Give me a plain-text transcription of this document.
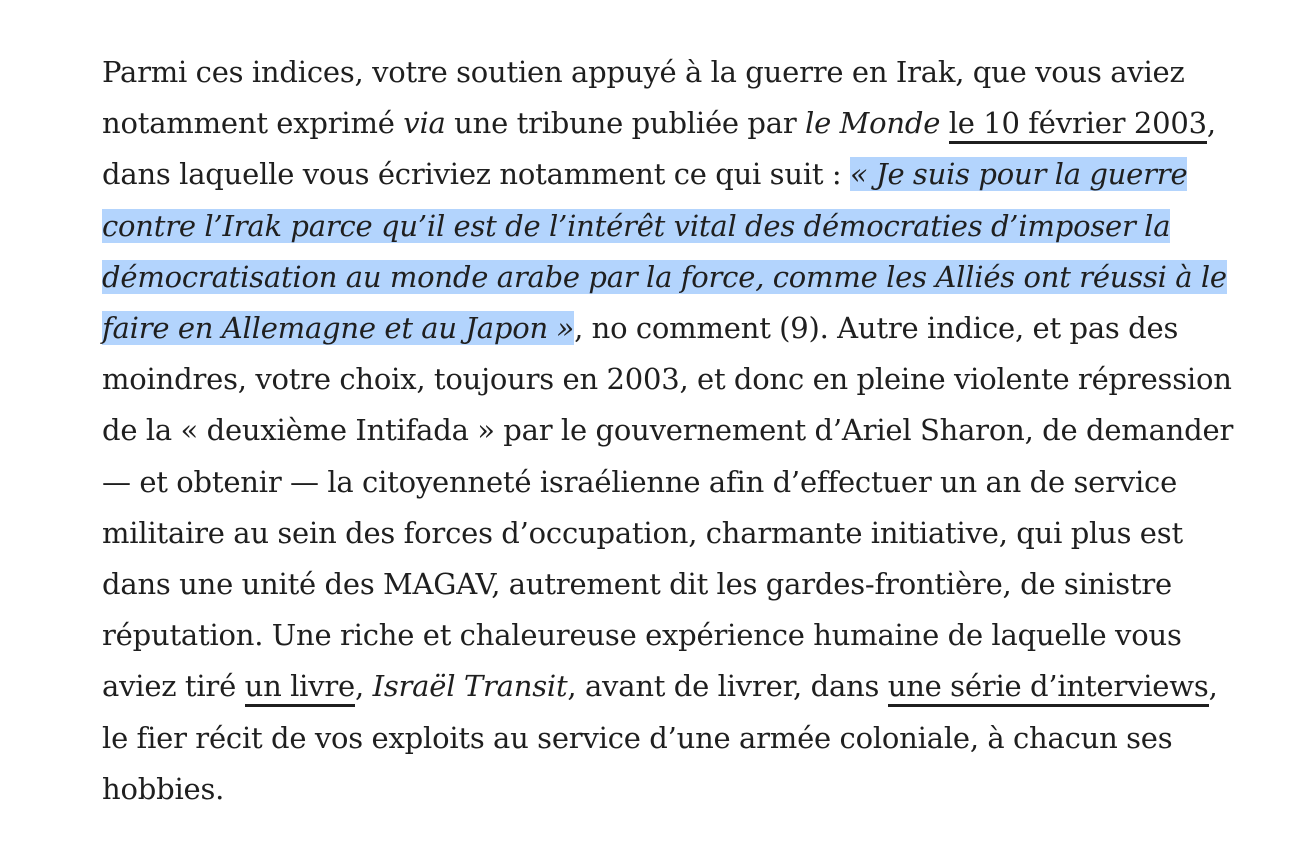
Parmi ces indices, votre soutien appuyé à la guerre en Irak, que vous aviez notamment exprimé via une tribune publiée par le Monde le 10 février 2003, dans laquelle vous écriviez notamment ce qui suit : « Je suis pour la guerre contre l’Irak parce qu’il est de l’intérêt vital des démocraties d’imposer la démocratisation au monde arabe par la force, comme les Alliés ont réussi à le faire en Allemagne et au Japon », no comment (9). Autre indice, et pas des moindres, votre choix, toujours en 2003, et donc en pleine violente répression de la « deuxième Intifada » par le gouvernement d’Ariel Sharon, de demander — et obtenir — la citoyenneté israélienne afin d’effectuer un an de service militaire au sein des forces d’occupation, charmante initiative, qui plus est dans une unité des MAGAV, autrement dit les gardes-frontière, de sinistre réputation. Une riche et chaleureuse expérience humaine de laquelle vous aviez tiré un livre, Israël Transit, avant de livrer, dans une série d’interviews, le fier récit de vos exploits au service d’une armée coloniale, à chacun ses hobbies.
